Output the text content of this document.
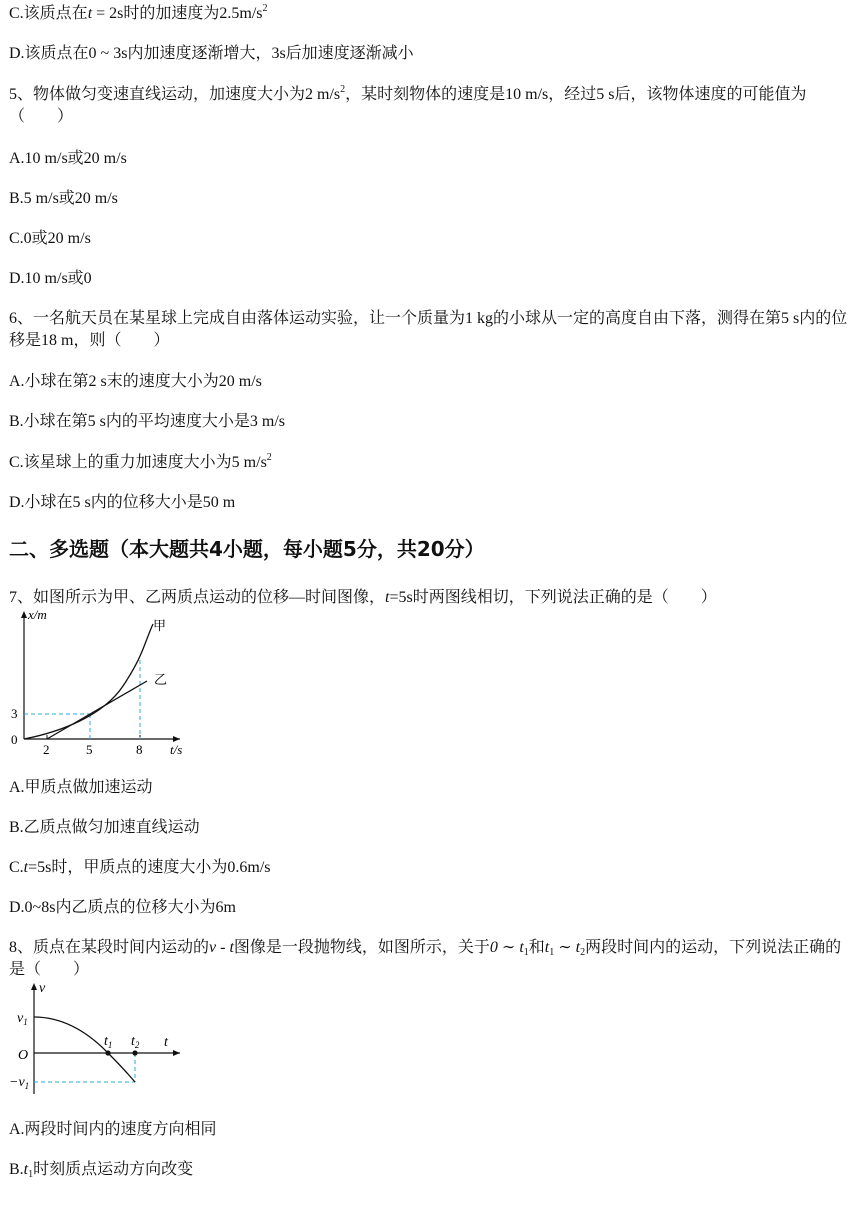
C.该质点在t = 2s时的加速度为$2.5m/s^2$
D.该质点在0 ~ 3s内加速度逐渐增大，3s后加速度逐渐减小
5、物体做匀变速直线运动，加速度大小为2 $m/s^2$，某时刻物体的速度是10 m/s，经过5 s后，该物体速度的可能值为（　　）
A.10 m/s或20 m/s
B.5 m/s或20 m/s
C.0或20 m/s
D.10 m/s或0
6、一名航天员在某星球上完成自由落体运动实验，让一个质量为1 kg的小球从一定的高度自由下落，测得在第5 s内的位移是18 m，则（　　）
A.小球在第2 s末的速度大小为20 m/s
B.小球在第5 s内的平均速度大小是3 m/s
C.该星球上的重力加速度大小为5 $m/s^2$
D.小球在5 s内的位移大小是50 m
二、多选题（本大题共4小题，每小题5分，共20分）
7、如图所示为甲、乙两质点运动的位移—时间图像，t=5s时两图线相切，下列说法正确的是（　　）
x/m
t/s
0
3
2	5	8
甲
乙
A.甲质点做加速运动
B.乙质点做匀加速直线运动
C.t=5s时，甲质点的速度大小为0.6m/s
D.0~8s内乙质点的位移大小为6m
8、质点在某段时间内运动的v - t图像是一段抛物线，如图所示，关于0 ∼ $t_1$和$t_1$ ∼ $t_2$两段时间内的运动，下列说法正确的是（　　）
v
t
O
$v_1$
$-v_1$
$t_1$ $t_2$
A.两段时间内的速度方向相同
$B.t_1$时刻质点运动方向改变
